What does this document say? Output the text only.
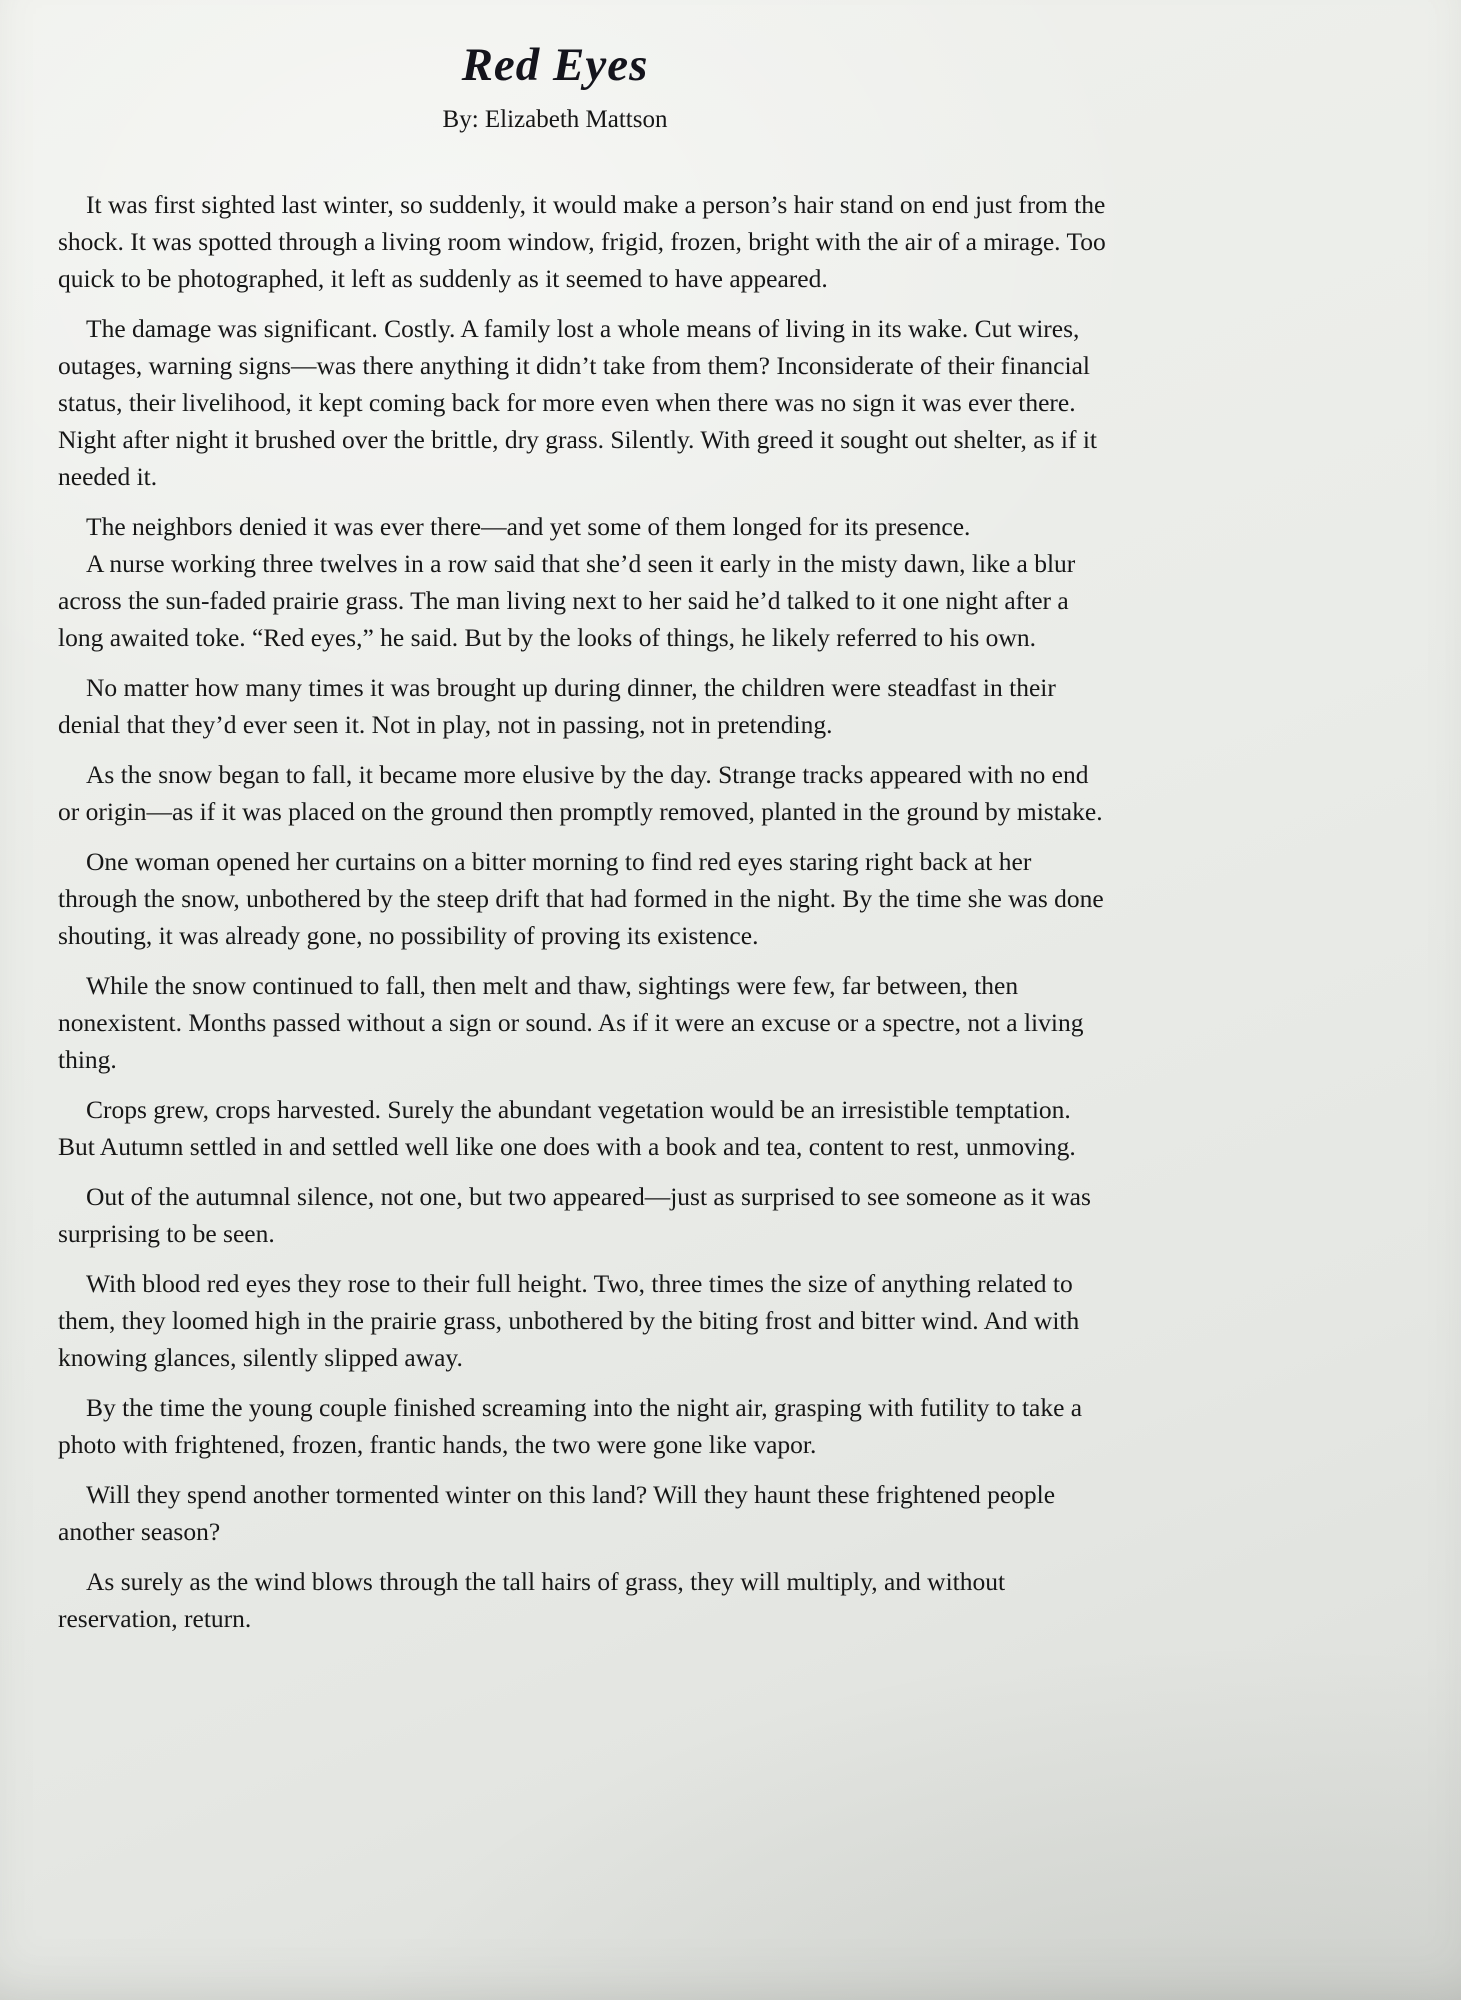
Red Eyes
By: Elizabeth Mattson

It was first sighted last winter, so suddenly, it would make a person’s hair stand on end just from the shock. It was spotted through a living room window, frigid, frozen, bright with the air of a mirage. Too quick to be photographed, it left as suddenly as it seemed to have appeared.

The damage was significant. Costly. A family lost a whole means of living in its wake. Cut wires, outages, warning signs—was there anything it didn’t take from them? Inconsiderate of their financial status, their livelihood, it kept coming back for more even when there was no sign it was ever there. Night after night it brushed over the brittle, dry grass. Silently. With greed it sought out shelter, as if it needed it.

The neighbors denied it was ever there—and yet some of them longed for its presence.

A nurse working three twelves in a row said that she’d seen it early in the misty dawn, like a blur across the sun-faded prairie grass. The man living next to her said he’d talked to it one night after a long awaited toke. “Red eyes,” he said. But by the looks of things, he likely referred to his own.

No matter how many times it was brought up during dinner, the children were steadfast in their denial that they’d ever seen it. Not in play, not in passing, not in pretending.

As the snow began to fall, it became more elusive by the day. Strange tracks appeared with no end or origin—as if it was placed on the ground then promptly removed, planted in the ground by mistake.

One woman opened her curtains on a bitter morning to find red eyes staring right back at her through the snow, unbothered by the steep drift that had formed in the night. By the time she was done shouting, it was already gone, no possibility of proving its existence.

While the snow continued to fall, then melt and thaw, sightings were few, far between, then nonexistent. Months passed without a sign or sound. As if it were an excuse or a spectre, not a living thing.

Crops grew, crops harvested. Surely the abundant vegetation would be an irresistible temptation. But Autumn settled in and settled well like one does with a book and tea, content to rest, unmoving.

Out of the autumnal silence, not one, but two appeared—just as surprised to see someone as it was surprising to be seen.

With blood red eyes they rose to their full height. Two, three times the size of anything related to them, they loomed high in the prairie grass, unbothered by the biting frost and bitter wind. And with knowing glances, silently slipped away.

By the time the young couple finished screaming into the night air, grasping with futility to take a photo with frightened, frozen, frantic hands, the two were gone like vapor.

Will they spend another tormented winter on this land? Will they haunt these frightened people another season?

As surely as the wind blows through the tall hairs of grass, they will multiply, and without reservation, return.
